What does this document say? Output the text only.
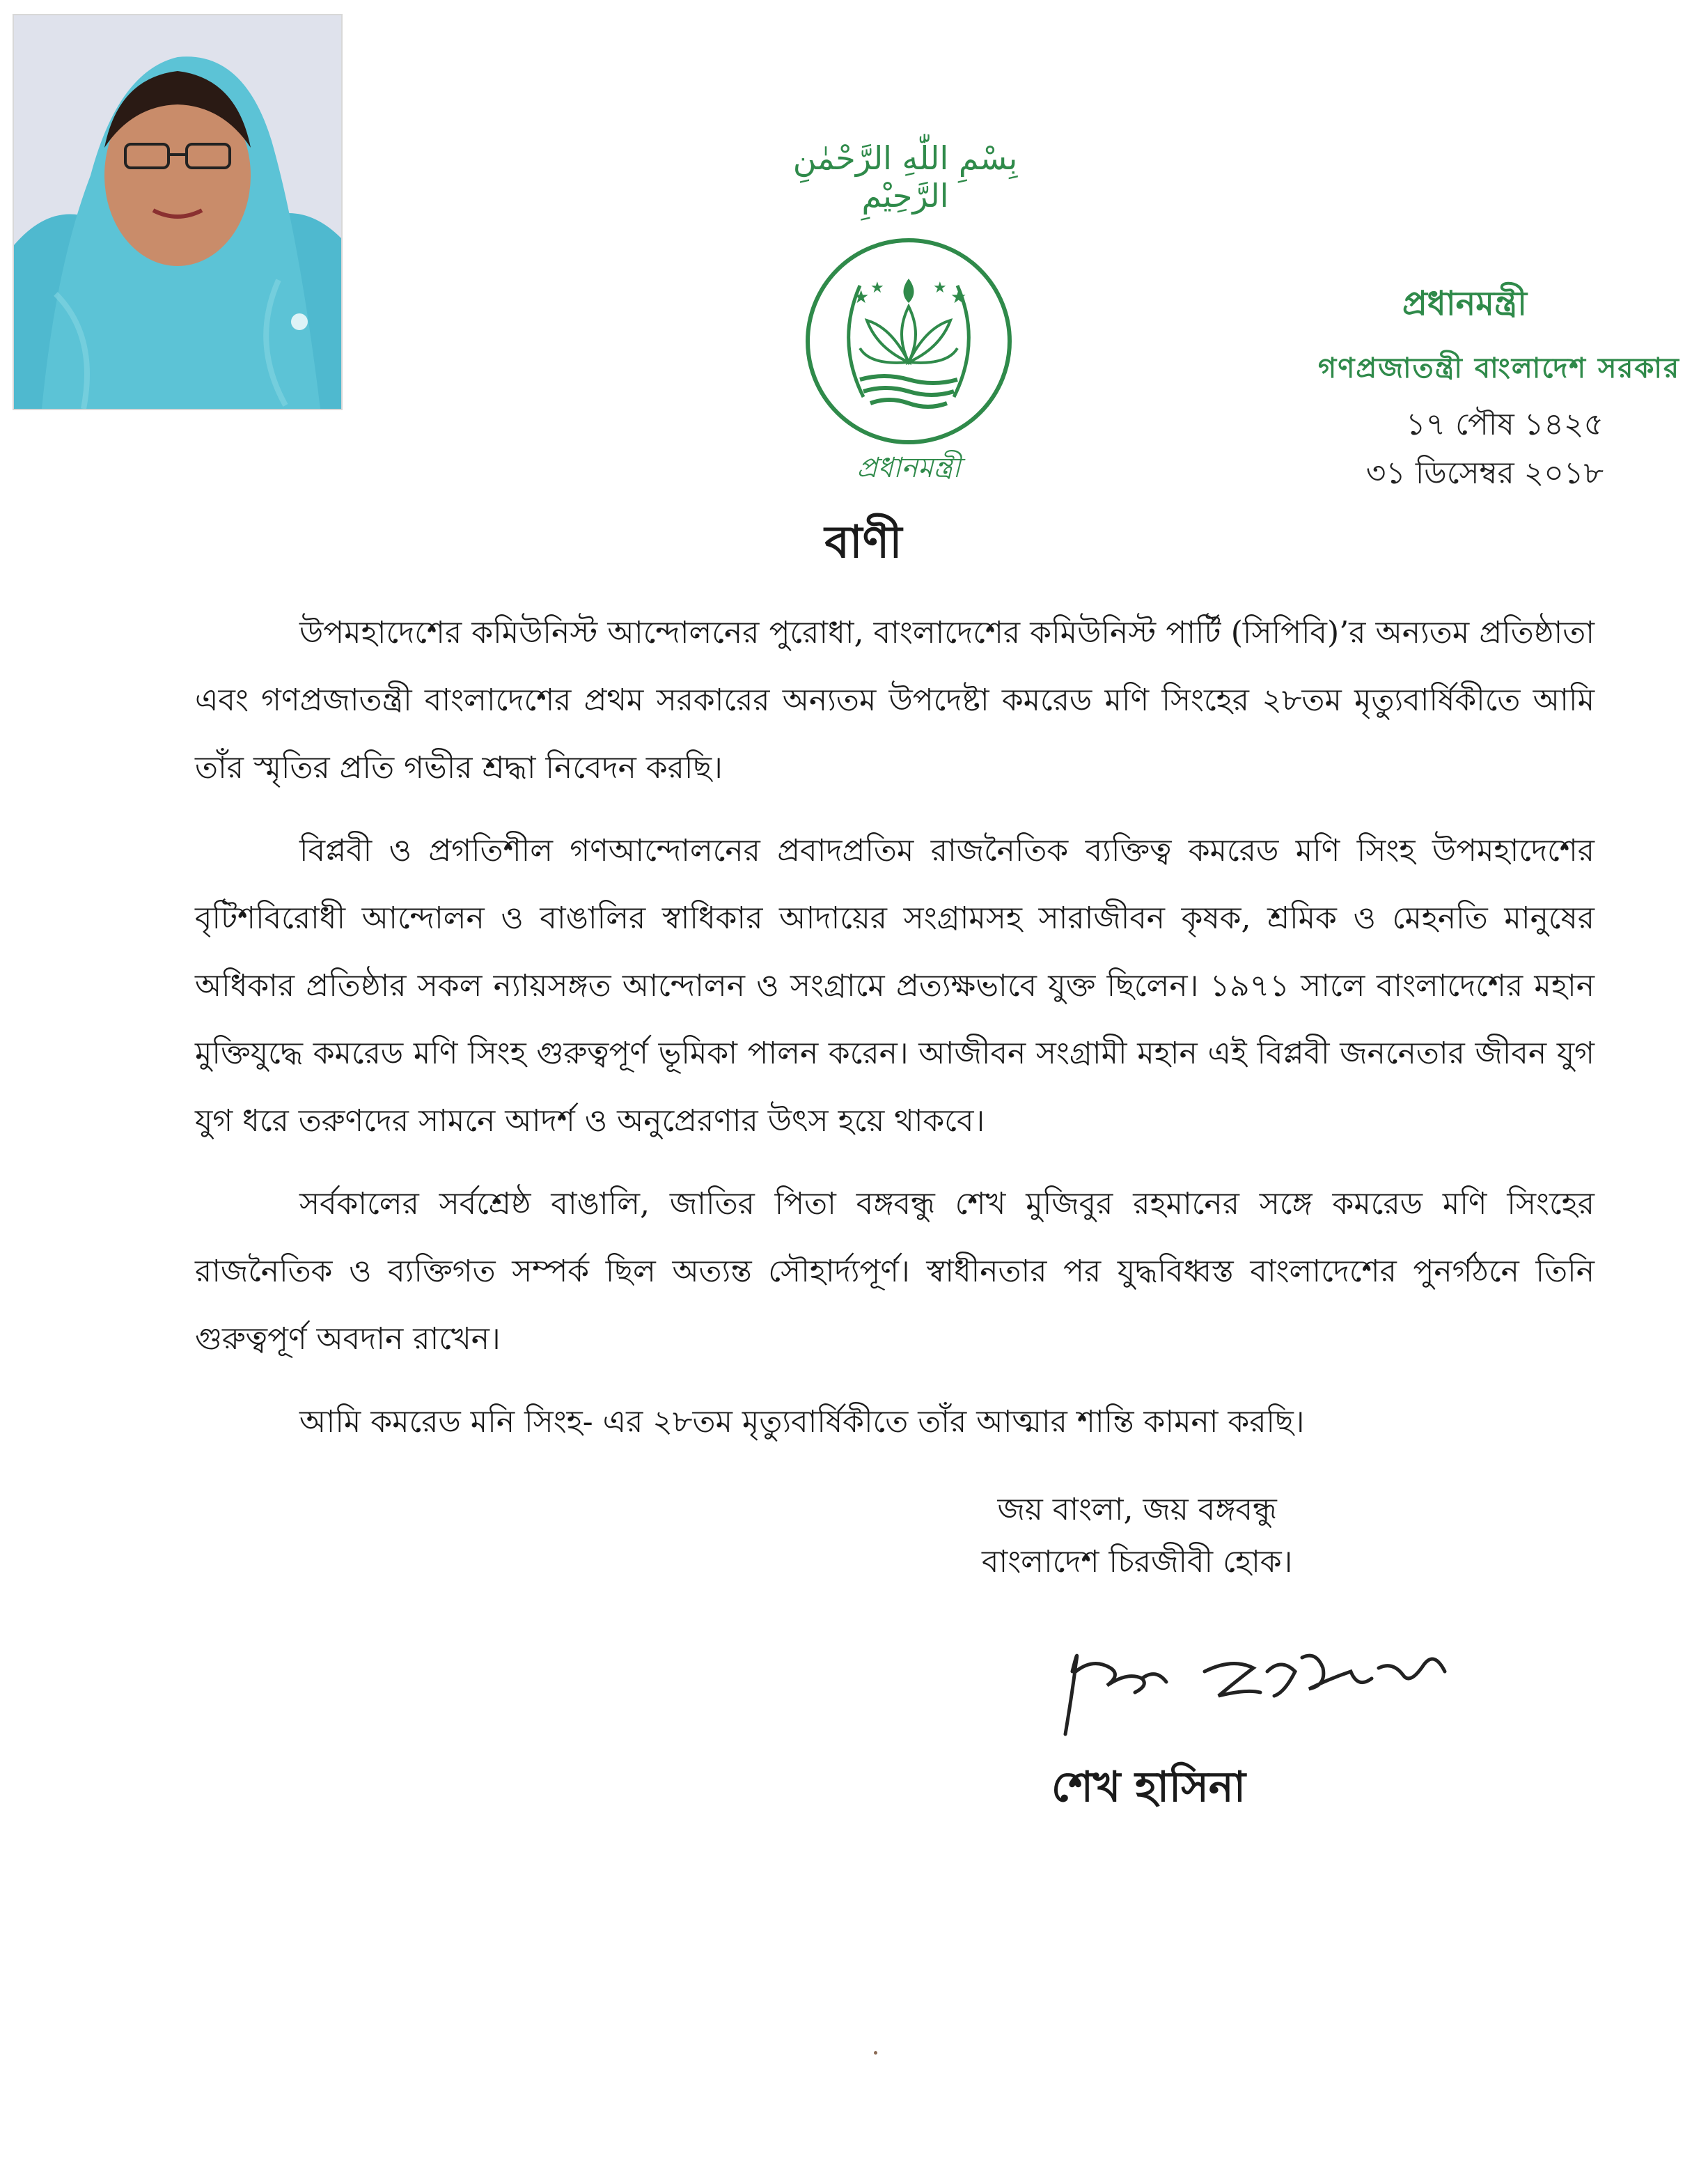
بِسْمِ اللّٰهِ الرَّحْمٰنِ الرَّحِيْمِ
★ ★	★ ★
প্রধানমন্ত্রী
প্রধানমন্ত্রী
গণপ্রজাতন্ত্রী বাংলাদেশ সরকার
১৭ পৌষ ১৪২৫
৩১ ডিসেম্বর ২০১৮
বাণী

উপমহাদেশের কমিউনিস্ট আন্দোলনের পুরোধা, বাংলাদেশের কমিউনিস্ট পার্টি (সিপিবি)’র অন্যতম প্রতিষ্ঠাতা এবং গণপ্রজাতন্ত্রী বাংলাদেশের প্রথম সরকারের অন্যতম উপদেষ্টা কমরেড মণি সিংহের ২৮তম মৃত্যুবার্ষিকীতে আমি তাঁর স্মৃতির প্রতি গভীর শ্রদ্ধা নিবেদন করছি।

বিপ্লবী ও প্রগতিশীল গণআন্দোলনের প্রবাদপ্রতিম রাজনৈতিক ব্যক্তিত্ব কমরেড মণি সিংহ উপমহাদেশের বৃটিশবিরোধী আন্দোলন ও বাঙালির স্বাধিকার আদায়ের সংগ্রামসহ সারাজীবন কৃষক, শ্রমিক ও মেহনতি মানুষের অধিকার প্রতিষ্ঠার সকল ন্যায়সঙ্গত আন্দোলন ও সংগ্রামে প্রত্যক্ষভাবে যুক্ত ছিলেন। ১৯৭১ সালে বাংলাদেশের মহান মুক্তিযুদ্ধে কমরেড মণি সিংহ গুরুত্বপূর্ণ ভূমিকা পালন করেন। আজীবন সংগ্রামী মহান এই বিপ্লবী জননেতার জীবন যুগ যুগ ধরে তরুণদের সামনে আদর্শ ও অনুপ্রেরণার উৎস হয়ে থাকবে।

সর্বকালের সর্বশ্রেষ্ঠ বাঙালি, জাতির পিতা বঙ্গবন্ধু শেখ মুজিবুর রহমানের সঙ্গে কমরেড মণি সিংহের রাজনৈতিক ও ব্যক্তিগত সম্পর্ক ছিল অত্যন্ত সৌহার্দ্যপূর্ণ। স্বাধীনতার পর যুদ্ধবিধ্বস্ত বাংলাদেশের পুনর্গঠনে তিনি গুরুত্বপূর্ণ অবদান রাখেন।

আমি কমরেড মনি সিংহ- এর ২৮তম মৃত্যুবার্ষিকীতে তাঁর আত্মার শান্তি কামনা করছি।

জয় বাংলা, জয় বঙ্গবন্ধু
বাংলাদেশ চিরজীবী হোক।
শেখ হাসিনা
